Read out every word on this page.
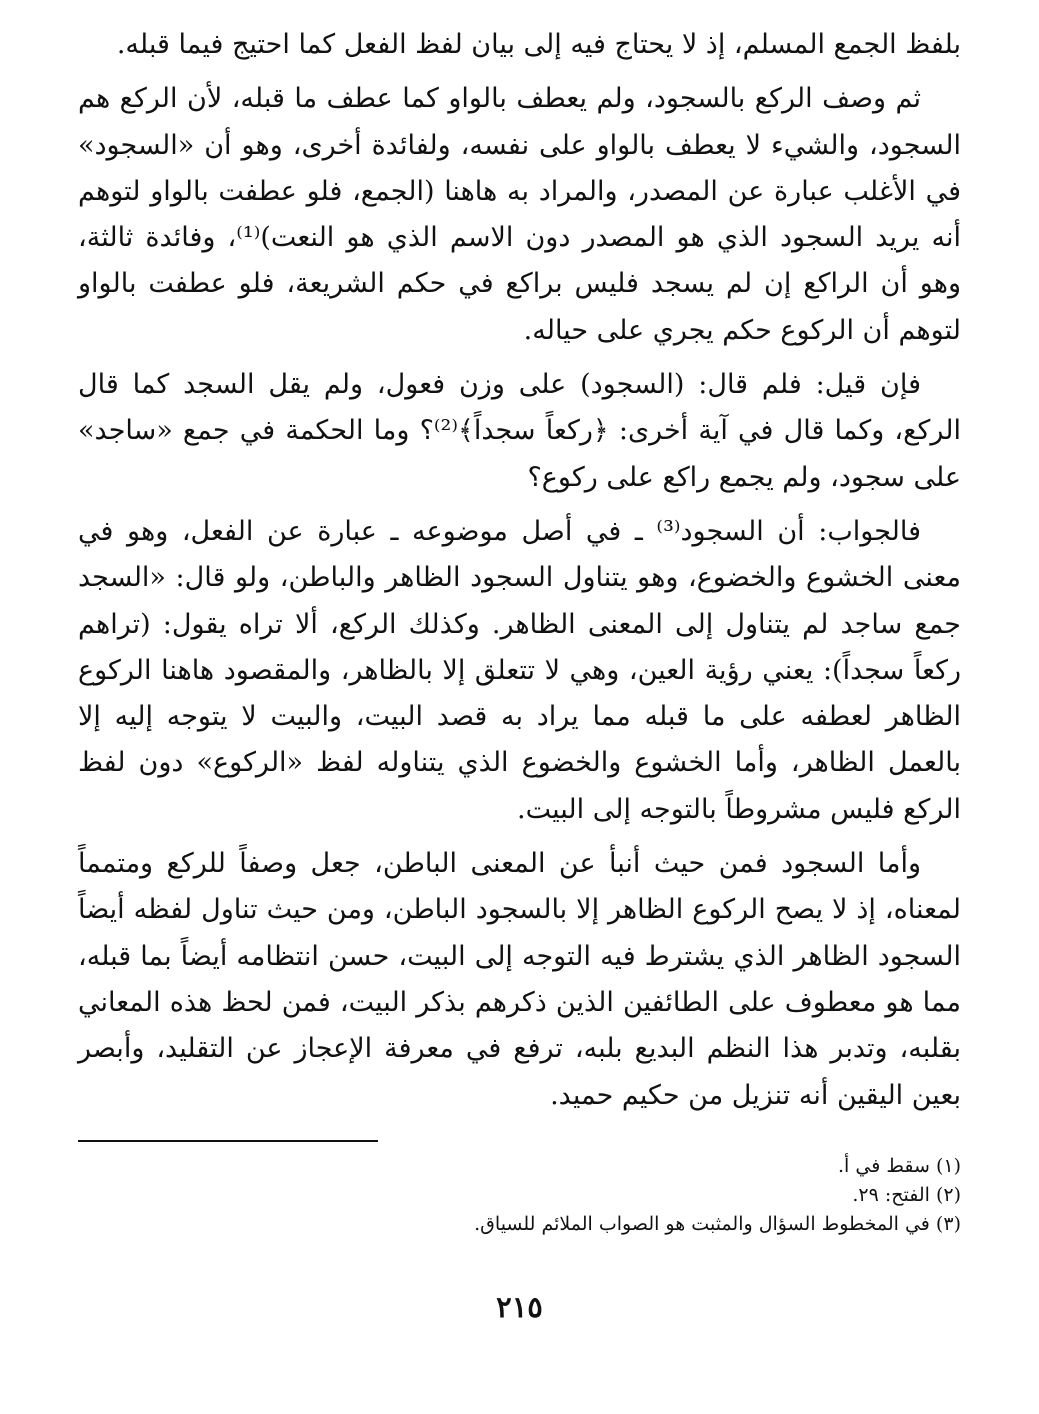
بلفظ الجمع المسلم، إذ لا يحتاج فيه إلى بيان لفظ الفعل كما احتيج فيما قبله.

ثم وصف الركع بالسجود، ولم يعطف بالواو كما عطف ما قبله، لأن الركع هم السجود، والشيء لا يعطف بالواو على نفسه، ولفائدة أخرى، وهو أن «السجود» في الأغلب عبارة عن المصدر، والمراد به هاهنا (الجمع، فلو عطفت بالواو لتوهم أنه يريد السجود الذي هو المصدر دون الاسم الذي هو النعت)⁽¹⁾، وفائدة ثالثة، وهو أن الراكع إن لم يسجد فليس براكع في حكم الشريعة، فلو عطفت بالواو لتوهم أن الركوع حكم يجري على حياله.

فإن قيل: فلم قال: (السجود) على وزن فعول، ولم يقل السجد كما قال الركع، وكما قال في آية أخرى: ﴿ركعاً سجداً﴾⁽²⁾؟ وما الحكمة في جمع «ساجد» على سجود، ولم يجمع راكع على ركوع؟

فالجواب: أن السجود⁽³⁾ ـ في أصل موضوعه ـ عبارة عن الفعل، وهو في معنى الخشوع والخضوع، وهو يتناول السجود الظاهر والباطن، ولو قال: «السجد جمع ساجد لم يتناول إلى المعنى الظاهر. وكذلك الركع، ألا تراه يقول: (تراهم ركعاً سجداً): يعني رؤية العين، وهي لا تتعلق إلا بالظاهر، والمقصود هاهنا الركوع الظاهر لعطفه على ما قبله مما يراد به قصد البيت، والبيت لا يتوجه إليه إلا بالعمل الظاهر، وأما الخشوع والخضوع الذي يتناوله لفظ «الركوع» دون لفظ الركع فليس مشروطاً بالتوجه إلى البيت.

وأما السجود فمن حيث أنبأ عن المعنى الباطن، جعل وصفاً للركع ومتمماً لمعناه، إذ لا يصح الركوع الظاهر إلا بالسجود الباطن، ومن حيث تناول لفظه أيضاً السجود الظاهر الذي يشترط فيه التوجه إلى البيت، حسن انتظامه أيضاً بما قبله، مما هو معطوف على الطائفين الذين ذكرهم بذكر البيت، فمن لحظ هذه المعاني بقلبه، وتدبر هذا النظم البديع بلبه، ترفع في معرفة الإعجاز عن التقليد، وأبصر بعين اليقين أنه تنزيل من حكيم حميد.

(١) سقط في أ.

(٢) الفتح: ٢٩.

(٣) في المخطوط السؤال والمثبت هو الصواب الملائم للسياق.

٢١٥
